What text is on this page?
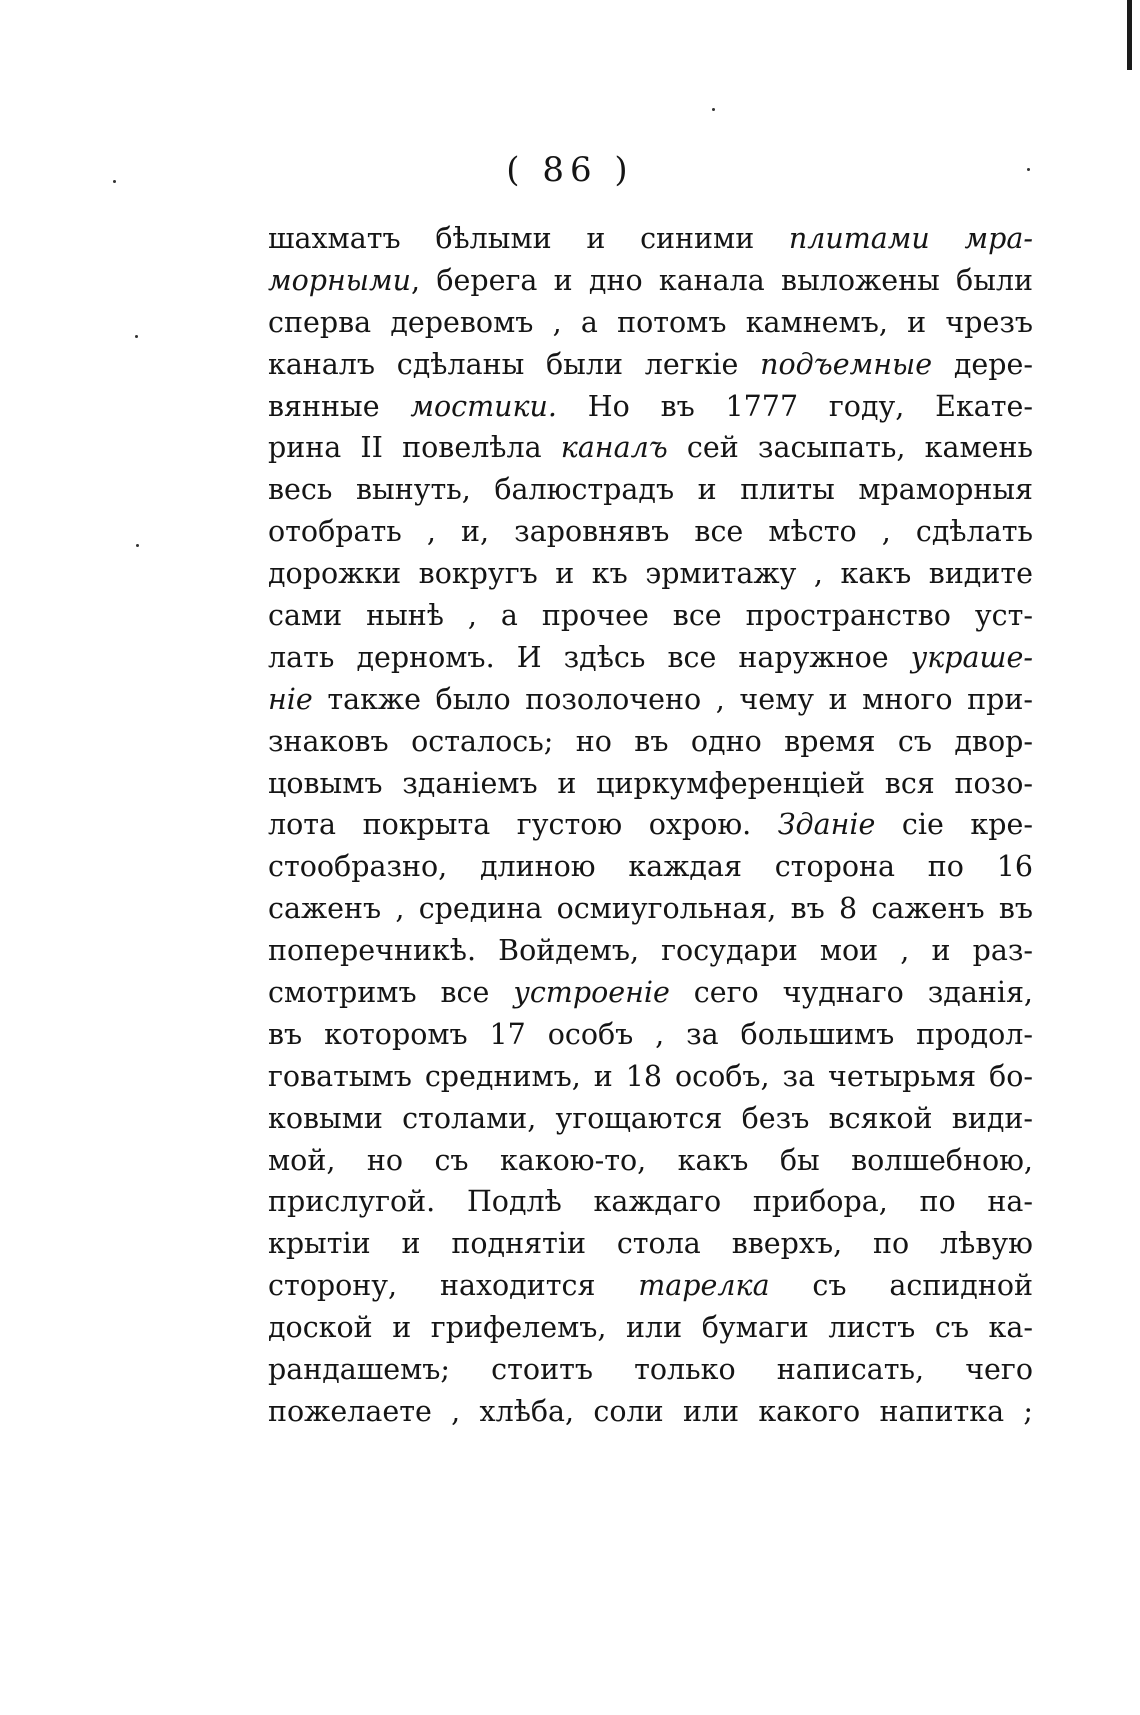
( 86 )
шахматъ бѣлыми и синими плитами мра-
морными, берега и дно канала выложены были
сперва деревомъ , а потомъ камнемъ, и чрезъ
каналъ сдѣланы были легкіе подъемные дере-
вянные мостики. Но въ 1777 году, Екате-
рина II повелѣла каналъ сей засыпать, камень
весь вынуть, балюстрадъ и плиты мраморныя
отобрать , и, заровнявъ все мѣсто , сдѣлать
дорожки вокругъ и къ эрмитажу , какъ видите
сами нынѣ , а прочее все пространство уст-
лать дерномъ. И здѣсь все наружное украше-
ніе также было позолочено , чему и много при-
знаковъ осталось; но въ одно время съ двор-
цовымъ зданіемъ и циркумференціей вся позо-
лота покрыта густою охрою. Зданіе сіе кре-
стообразно, длиною каждая сторона по 16
саженъ , средина осмиугольная, въ 8 саженъ въ
поперечникѣ. Войдемъ, государи мои , и раз-
смотримъ все устроеніе сего чуднаго зданія,
въ которомъ 17 особъ , за большимъ продол-
говатымъ среднимъ, и 18 особъ, за четырьмя бо-
ковыми столами, угощаются безъ всякой види-
мой, но съ какою-то, какъ бы волшебною,
прислугой. Подлѣ каждаго прибора, по на-
крытіи и поднятіи стола вверхъ, по лѣвую
сторону, находится тарелка съ аспидной
доской и грифелемъ, или бумаги листъ съ ка-
рандашемъ; стоитъ только написать, чего
пожелаете , хлѣба, соли или какого напитка ;
